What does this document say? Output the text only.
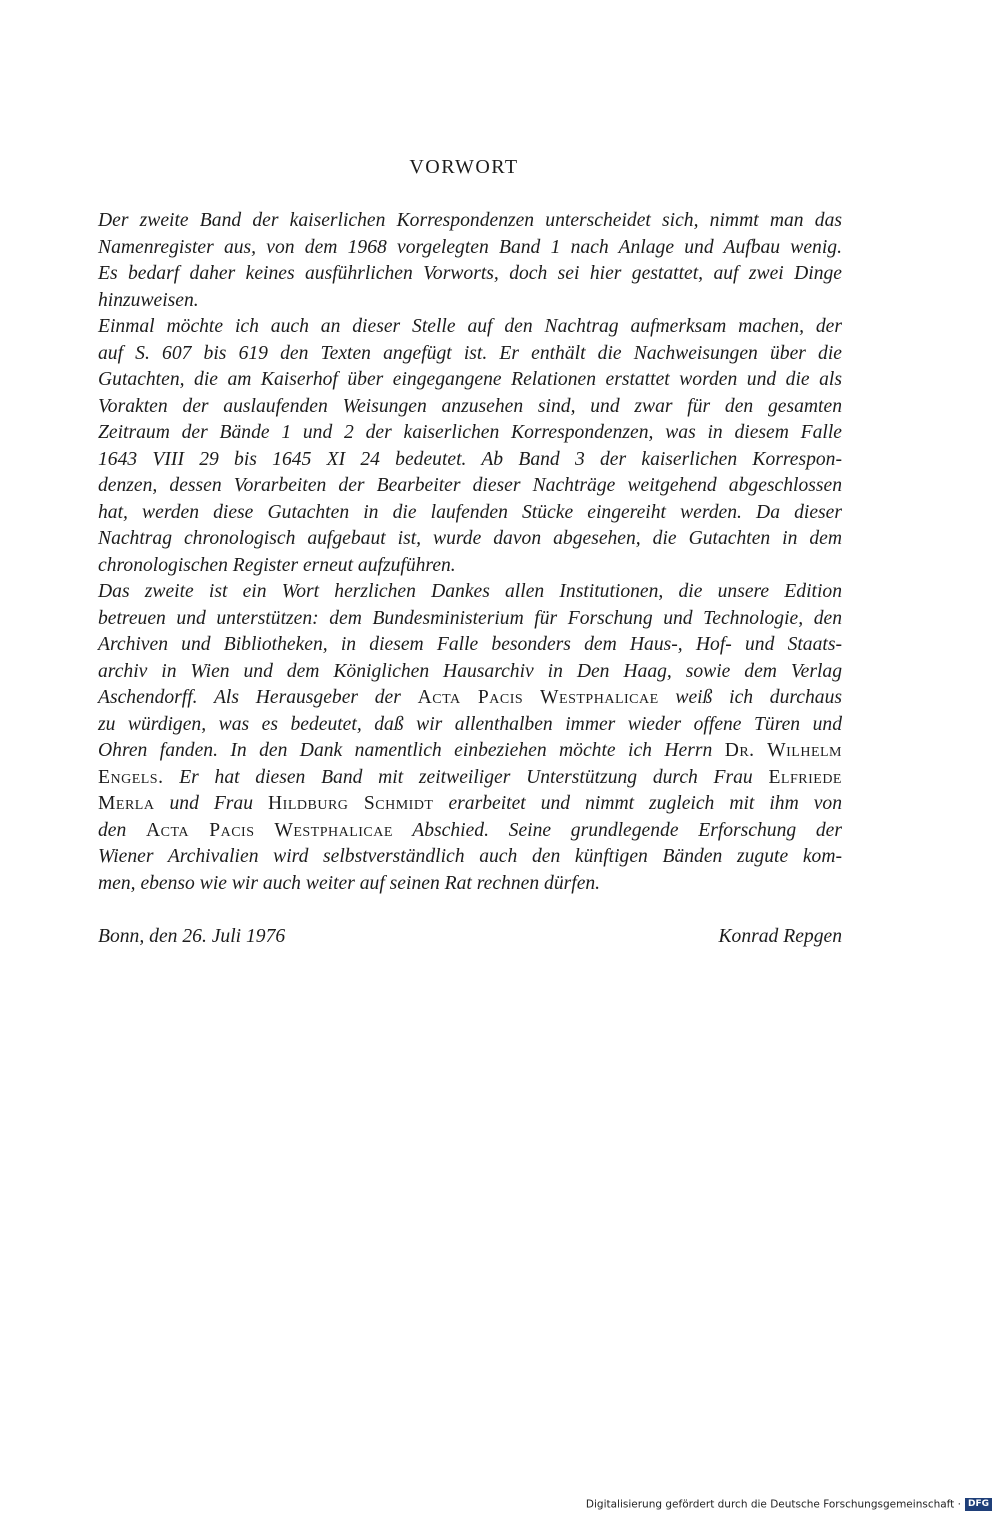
VORWORT
Der zweite Band der kaiserlichen Korrespondenzen unterscheidet sich, nimmt man das
Namenregister aus, von dem 1968 vorgelegten Band 1 nach Anlage und Aufbau wenig.
Es bedarf daher keines ausführlichen Vorworts, doch sei hier gestattet, auf zwei Dinge
hinzuweisen.
Einmal möchte ich auch an dieser Stelle auf den Nachtrag aufmerksam machen, der
auf S. 607 bis 619 den Texten angefügt ist. Er enthält die Nachweisungen über die
Gutachten, die am Kaiserhof über eingegangene Relationen erstattet worden und die als
Vorakten der auslaufenden Weisungen anzusehen sind, und zwar für den gesamten
Zeitraum der Bände 1 und 2 der kaiserlichen Korrespondenzen, was in diesem Falle
1643 VIII 29 bis 1645 XI 24 bedeutet. Ab Band 3 der kaiserlichen Korrespon-
denzen, dessen Vorarbeiten der Bearbeiter dieser Nachträge weitgehend abgeschlossen
hat, werden diese Gutachten in die laufenden Stücke eingereiht werden. Da dieser
Nachtrag chronologisch aufgebaut ist, wurde davon abgesehen, die Gutachten in dem
chronologischen Register erneut aufzuführen.
Das zweite ist ein Wort herzlichen Dankes allen Institutionen, die unsere Edition
betreuen und unterstützen: dem Bundesministerium für Forschung und Technologie, den
Archiven und Bibliotheken, in diesem Falle besonders dem Haus-, Hof- und Staats-
archiv in Wien und dem Königlichen Hausarchiv in Den Haag, sowie dem Verlag
Aschendorff. Als Herausgeber der Acta Pacis Westphalicae weiß ich durchaus
zu würdigen, was es bedeutet, daß wir allenthalben immer wieder offene Türen und
Ohren fanden. In den Dank namentlich einbeziehen möchte ich Herrn Dr. Wilhelm
Engels. Er hat diesen Band mit zeitweiliger Unterstützung durch Frau Elfriede
Merla und Frau Hildburg Schmidt erarbeitet und nimmt zugleich mit ihm von
den Acta Pacis Westphalicae Abschied. Seine grundlegende Erforschung der
Wiener Archivalien wird selbstverständlich auch den künftigen Bänden zugute kom-
men, ebenso wie wir auch weiter auf seinen Rat rechnen dürfen.
Bonn, den 26. Juli 1976	Konrad Repgen
Digitalisierung gefördert durch die Deutsche Forschungsgemeinschaft · DFG
